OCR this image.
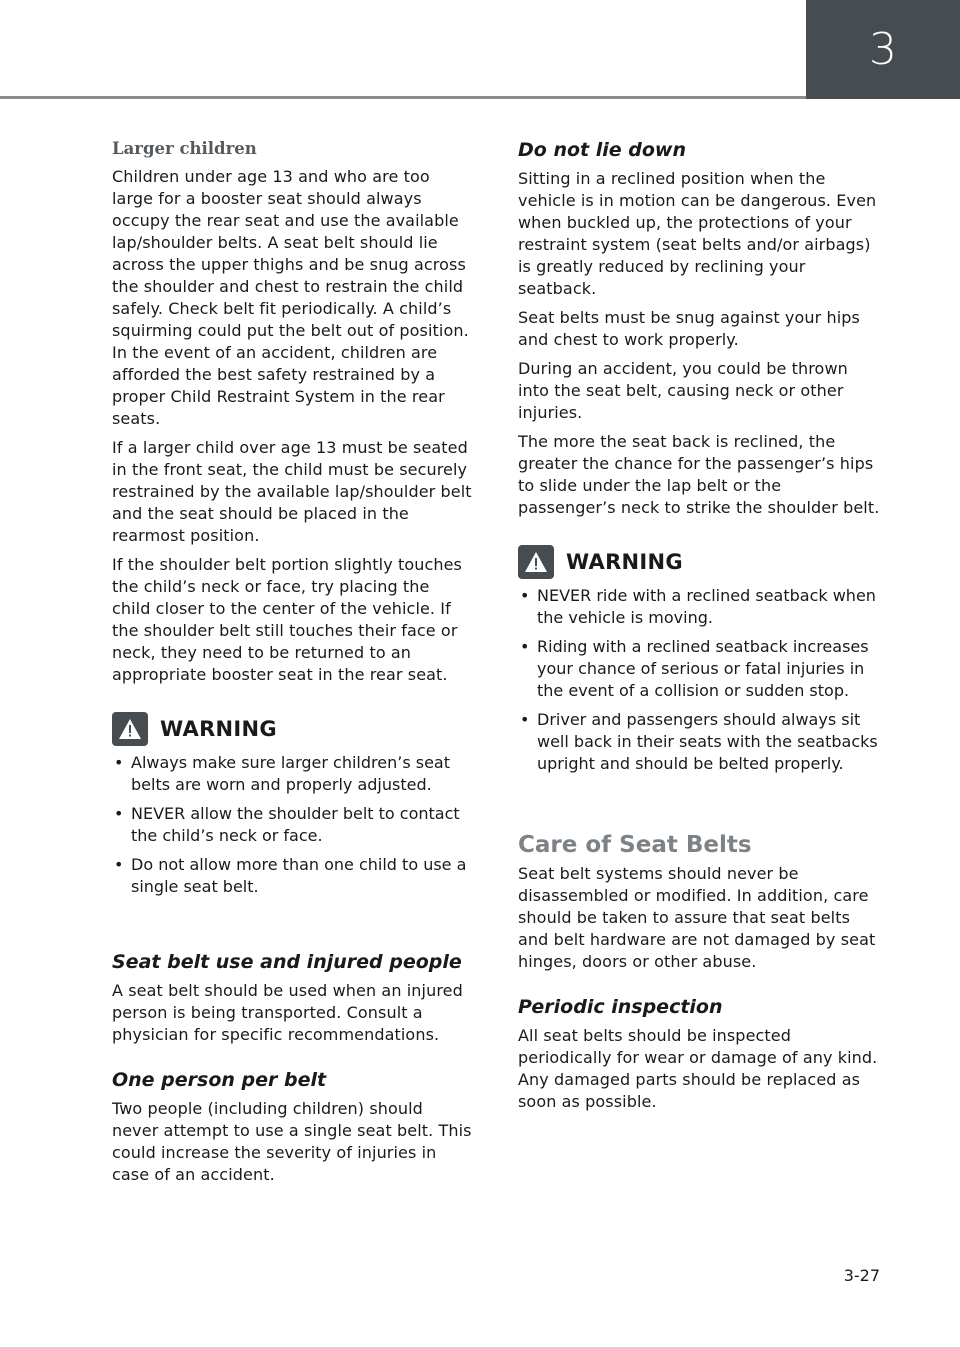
3
Larger children

Children under age 13 and who are too large for a booster seat should always occupy the rear seat and use the available lap/shoulder belts. A seat belt should lie across the upper thighs and be snug across the shoulder and chest to restrain the child safely. Check belt fit periodically. A child’s squirming could put the belt out of position. In the event of an accident, children are afforded the best safety restrained by a proper Child Restraint System in the rear seats.

If a larger child over age 13 must be seated in the front seat, the child must be securely restrained by the available lap/shoulder belt and the seat should be placed in the rearmost position.

If the shoulder belt portion slightly touches the child’s neck or face, try placing the child closer to the center of the vehicle. If the shoulder belt still touches their face or neck, they need to be returned to an appropriate booster seat in the rear seat.

WARNING
• Always make sure larger children’s seat belts are worn and properly adjusted.
• NEVER allow the shoulder belt to contact the child’s neck or face.
• Do not allow more than one child to use a single seat belt.
Seat belt use and injured people

A seat belt should be used when an injured person is being transported. Consult a physician for specific recommendations.

One person per belt

Two people (including children) should never attempt to use a single seat belt. This could increase the severity of injuries in case of an accident.

Do not lie down

Sitting in a reclined position when the vehicle is in motion can be dangerous. Even when buckled up, the protections of your restraint system (seat belts and/or airbags) is greatly reduced by reclining your seatback.

Seat belts must be snug against your hips and chest to work properly.

During an accident, you could be thrown into the seat belt, causing neck or other injuries.

The more the seat back is reclined, the greater the chance for the passenger’s hips to slide under the lap belt or the passenger’s neck to strike the shoulder belt.

WARNING
• NEVER ride with a reclined seatback when the vehicle is moving.
• Riding with a reclined seatback increases your chance of serious or fatal injuries in the event of a collision or sudden stop.
• Driver and passengers should always sit well back in their seats with the seatbacks upright and should be belted properly.
Care of Seat Belts

Seat belt systems should never be disassembled or modified. In addition, care should be taken to assure that seat belts and belt hardware are not damaged by seat hinges, doors or other abuse.

Periodic inspection

All seat belts should be inspected periodically for wear or damage of any kind. Any damaged parts should be replaced as soon as possible.

3-27
